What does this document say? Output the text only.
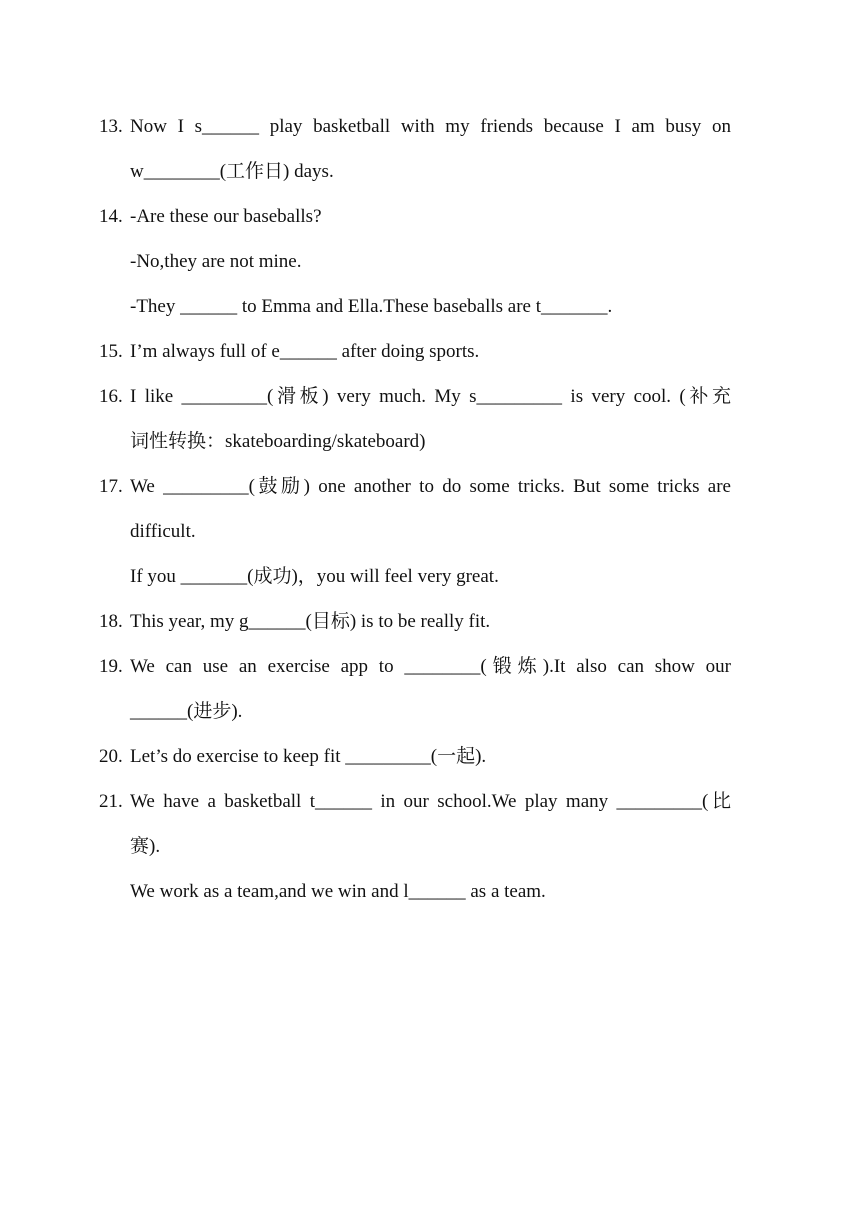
13. Now I s______ play basketball with my friends because I am busy on
w________(工作日) days.
14. -Are these our baseballs?
-No,they are not mine.
-They ______ to Emma and Ella.These baseballs are t_______.
15. I’m always full of e______ after doing sports.
16. I like _________(滑板) very much. My s_________ is very cool. (补充
词性转换：skateboarding/skateboard)
17. We _________(鼓励) one another to do some tricks. But some tricks are
difficult.
If you _______(成功)，you will feel very great.
18. This year, my g______(目标) is to be really fit.
19. We can use an exercise app to ________(锻炼).It also can show our
______(进步).
20. Let’s do exercise to keep fit _________(一起).
21. We have a basketball t______ in our school.We play many _________(比
赛).
We work as a team,and we win and l______ as a team.
